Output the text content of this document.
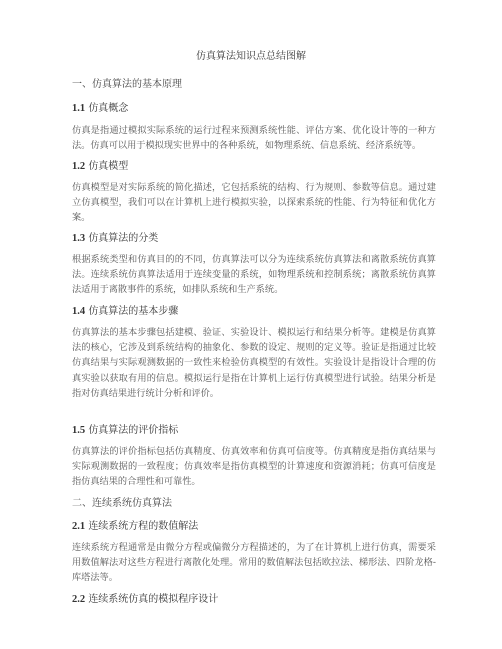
仿真算法知识点总结图解
一、仿真算法的基本原理
1.1 仿真概念
仿真是指通过模拟实际系统的运行过程来预测系统性能、评估方案、优化设计等的一种方法。仿真可以用于模拟现实世界中的各种系统，如物理系统、信息系统、经济系统等。
1.2 仿真模型
仿真模型是对实际系统的简化描述，它包括系统的结构、行为规则、参数等信息。通过建立仿真模型，我们可以在计算机上进行模拟实验，以探索系统的性能、行为特征和优化方案。
1.3 仿真算法的分类
根据系统类型和仿真目的的不同，仿真算法可以分为连续系统仿真算法和离散系统仿真算法。连续系统仿真算法适用于连续变量的系统，如物理系统和控制系统；离散系统仿真算法适用于离散事件的系统，如排队系统和生产系统。
1.4 仿真算法的基本步骤
仿真算法的基本步骤包括建模、验证、实验设计、模拟运行和结果分析等。建模是仿真算法的核心，它涉及到系统结构的抽象化、参数的设定、规则的定义等。验证是指通过比较仿真结果与实际观测数据的一致性来检验仿真模型的有效性。实验设计是指设计合理的仿真实验以获取有用的信息。模拟运行是指在计算机上运行仿真模型进行试验。结果分析是指对仿真结果进行统计分析和评价。
1.5 仿真算法的评价指标
仿真算法的评价指标包括仿真精度、仿真效率和仿真可信度等。仿真精度是指仿真结果与实际观测数据的一致程度；仿真效率是指仿真模型的计算速度和资源消耗；仿真可信度是指仿真结果的合理性和可靠性。
二、连续系统仿真算法
2.1 连续系统方程的数值解法
连续系统方程通常是由微分方程或偏微分方程描述的，为了在计算机上进行仿真，需要采用数值解法对这些方程进行离散化处理。常用的数值解法包括欧拉法、梯形法、四阶龙格-库塔法等。
2.2 连续系统仿真的模拟程序设计
